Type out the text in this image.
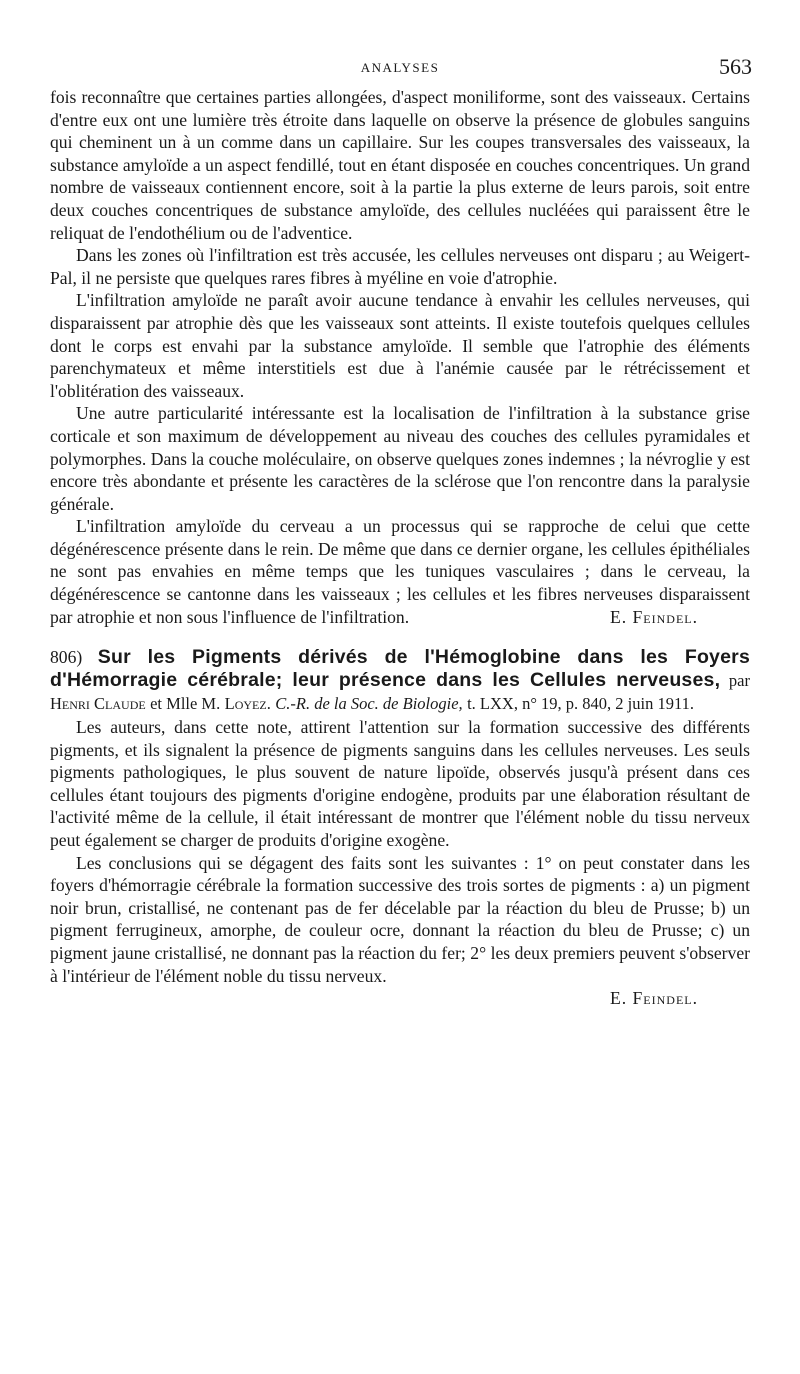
ANALYSES	563

fois reconnaître que certaines parties allongées, d'aspect moniliforme, sont des vaisseaux. Certains d'entre eux ont une lumière très étroite dans laquelle on observe la présence de globules sanguins qui cheminent un à un comme dans un capillaire. Sur les coupes transversales des vaisseaux, la substance amyloïde a un aspect fendillé, tout en étant disposée en couches concentriques. Un grand nombre de vaisseaux contiennent encore, soit à la partie la plus externe de leurs parois, soit entre deux couches concentriques de substance amyloïde, des cellules nucléées qui paraissent être le reliquat de l'endothélium ou de l'adventice.

Dans les zones où l'infiltration est très accusée, les cellules nerveuses ont disparu ; au Weigert-Pal, il ne persiste que quelques rares fibres à myéline en voie d'atrophie.

L'infiltration amyloïde ne paraît avoir aucune tendance à envahir les cellules nerveuses, qui disparaissent par atrophie dès que les vaisseaux sont atteints. Il existe toutefois quelques cellules dont le corps est envahi par la substance amyloïde. Il semble que l'atrophie des éléments parenchymateux et même interstitiels est due à l'anémie causée par le rétrécissement et l'oblitération des vaisseaux.

Une autre particularité intéressante est la localisation de l'infiltration à la substance grise corticale et son maximum de développement au niveau des couches des cellules pyramidales et polymorphes. Dans la couche moléculaire, on observe quelques zones indemnes ; la névroglie y est encore très abondante et présente les caractères de la sclérose que l'on rencontre dans la paralysie générale.

L'infiltration amyloïde du cerveau a un processus qui se rapproche de celui que cette dégénérescence présente dans le rein. De même que dans ce dernier organe, les cellules épithéliales ne sont pas envahies en même temps que les tuniques vasculaires ; dans le cerveau, la dégénérescence se cantonne dans les vaisseaux ; les cellules et les fibres nerveuses disparaissent par atrophie et non sous l'influence de l'infiltration.	E. Feindel.

806) Sur les Pigments dérivés de l'Hémoglobine dans les Foyers d'Hémorragie cérébrale; leur présence dans les Cellules nerveuses, par Henri Claude et Mlle M. Loyez. C.-R. de la Soc. de Biologie, t. LXX, n° 19, p. 840, 2 juin 1911.

Les auteurs, dans cette note, attirent l'attention sur la formation successive des différents pigments, et ils signalent la présence de pigments sanguins dans les cellules nerveuses. Les seuls pigments pathologiques, le plus souvent de nature lipoïde, observés jusqu'à présent dans ces cellules étant toujours des pigments d'origine endogène, produits par une élaboration résultant de l'activité même de la cellule, il était intéressant de montrer que l'élément noble du tissu nerveux peut également se charger de produits d'origine exogène.

Les conclusions qui se dégagent des faits sont les suivantes : 1° on peut constater dans les foyers d'hémorragie cérébrale la formation successive des trois sortes de pigments : a) un pigment noir brun, cristallisé, ne contenant pas de fer décelable par la réaction du bleu de Prusse; b) un pigment ferrugineux, amorphe, de couleur ocre, donnant la réaction du bleu de Prusse; c) un pigment jaune cristallisé, ne donnant pas la réaction du fer; 2° les deux premiers peuvent s'observer à l'intérieur de l'élément noble du tissu nerveux.

E. Feindel.
